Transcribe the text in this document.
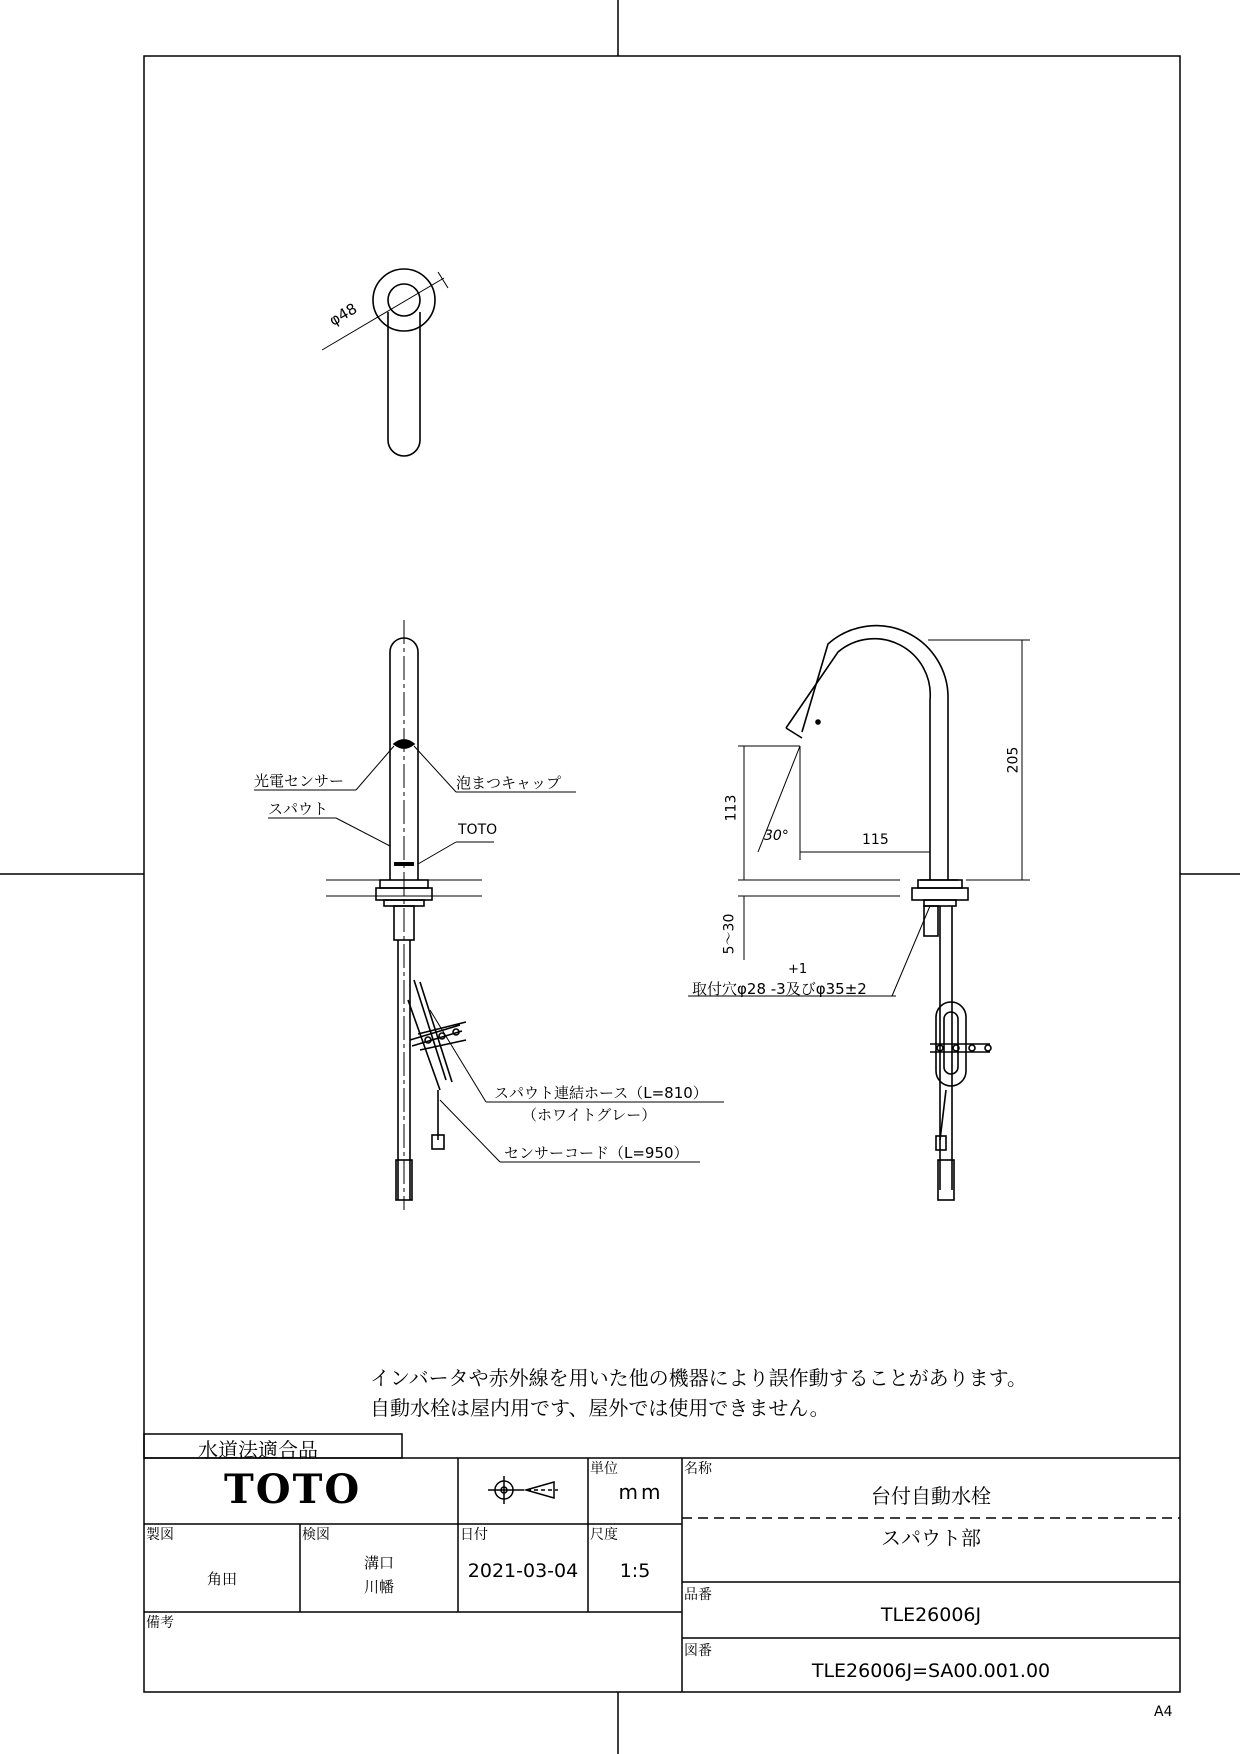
φ48
光電センサー
スパウト
泡まつキャップ
TOTO
スパウト連結ホース（L=810）
（ホワイトグレー）
センサーコード（L=950）
113
205
115
30°
5～30
+1
取付穴φ28 -3及びφ35±2
インバータや赤外線を用いた他の機器により誤作動することがあります。
自動水栓は屋内用です、屋外では使用できません。
水道法適合品
TOTO	単位
mm
名称
台付自動水栓
スパウト部
製図
角田
検図
溝口
川幡
日付
2021-03-04
尺度
1:5
品番
TLE26006J
備考
図番
TLE26006J=SA00.001.00
A4
